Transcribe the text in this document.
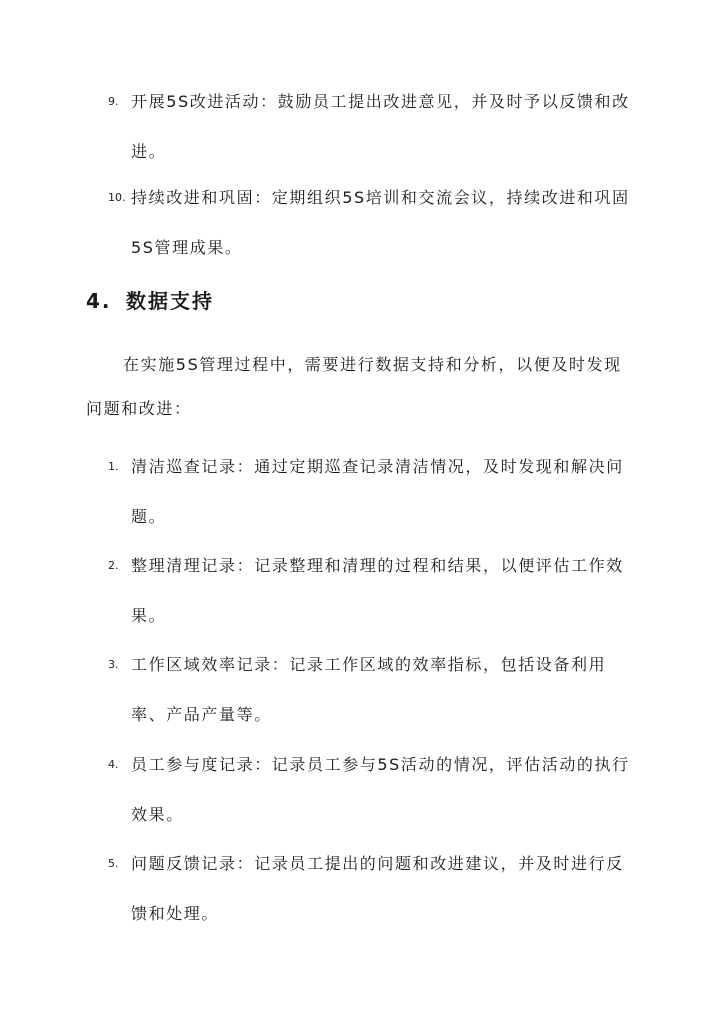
9. 开展5S改进活动：鼓励员工提出改进意见，并及时予以反馈和改进。
10. 持续改进和巩固：定期组织5S培训和交流会议，持续改进和巩固5S管理成果。
4. 数据支持
在实施5S管理过程中，需要进行数据支持和分析，以便及时发现问题和改进：
1. 清洁巡查记录：通过定期巡查记录清洁情况，及时发现和解决问题。
2. 整理清理记录：记录整理和清理的过程和结果，以便评估工作效果。
3. 工作区域效率记录：记录工作区域的效率指标，包括设备利用率、产品产量等。
4. 员工参与度记录：记录员工参与5S活动的情况，评估活动的执行效果。
5. 问题反馈记录：记录员工提出的问题和改进建议，并及时进行反馈和处理。
